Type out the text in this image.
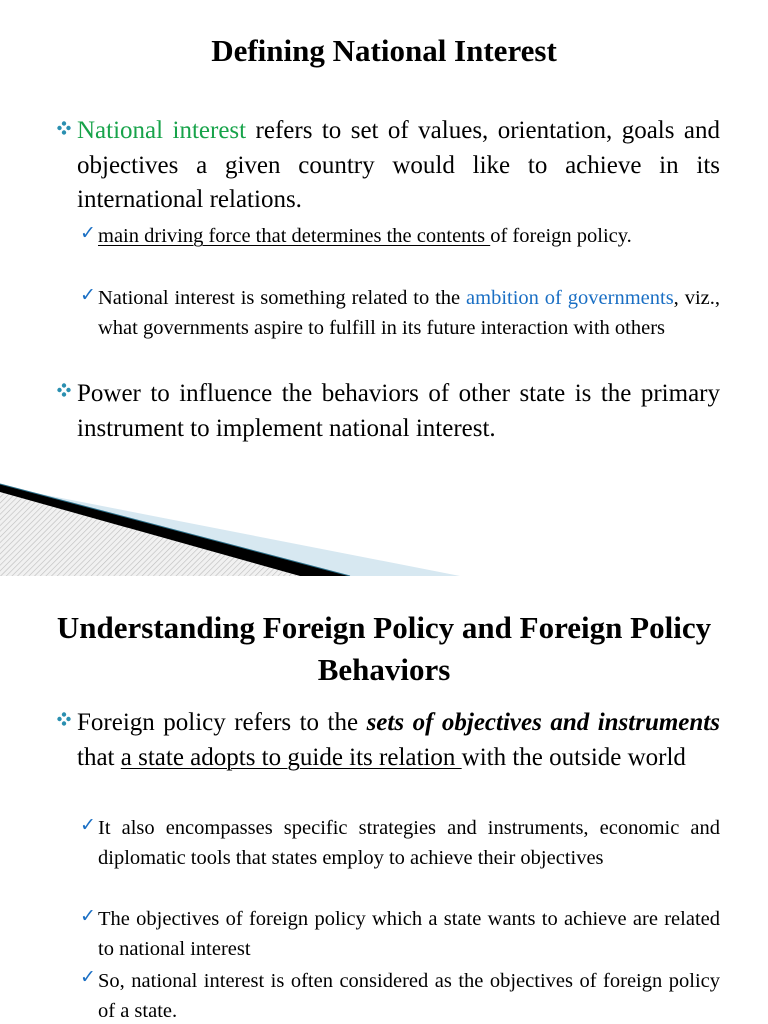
Defining National Interest

National interest refers to set of values, orientation, goals and objectives a given country would like to achieve in its international relations.

✓ main driving force that determines the contents of foreign policy.

✓ National interest is something related to the ambition of governments, viz., what governments aspire to fulfill in its future interaction with others

Power to influence the behaviors of other state is the primary instrument to implement national interest.

Understanding Foreign Policy and Foreign Policy Behaviors

Foreign policy refers to the sets of objectives and instruments that a state adopts to guide its relation with the outside world

✓ It also encompasses specific strategies and instruments, economic and diplomatic tools that states employ to achieve their objectives

✓ The objectives of foreign policy which a state wants to achieve are related to national interest

✓ So, national interest is often considered as the objectives of foreign policy of a state.
